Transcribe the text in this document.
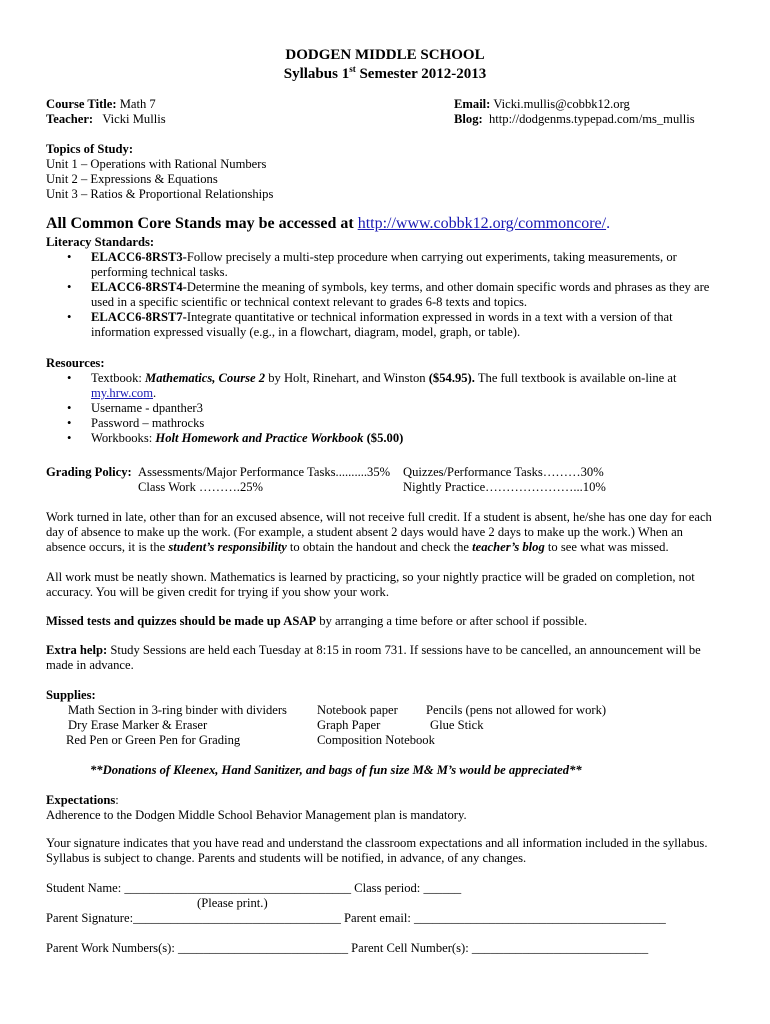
DODGEN MIDDLE SCHOOL
Syllabus 1st Semester 2012-2013
Course Title: Math 7
Teacher: Vicki Mullis
Email: Vicki.mullis@cobbk12.org
Blog: http://dodgenms.typepad.com/ms_mullis
Topics of Study:
Unit 1 – Operations with Rational Numbers
Unit 2 – Expressions & Equations
Unit 3 – Ratios & Proportional Relationships
All Common Core Stands may be accessed at http://www.cobbk12.org/commoncore/.
Literacy Standards:
• ELACC6-8RST3-Follow precisely a multi-step procedure when carrying out experiments, taking measurements, or
performing technical tasks.
• ELACC6-8RST4-Determine the meaning of symbols, key terms, and other domain specific words and phrases as they are
used in a specific scientific or technical context relevant to grades 6-8 texts and topics.
• ELACC6-8RST7-Integrate quantitative or technical information expressed in words in a text with a version of that
information expressed visually (e.g., in a flowchart, diagram, model, graph, or table).
Resources:
• Textbook: Mathematics, Course 2 by Holt, Rinehart, and Winston ($54.95). The full textbook is available on-line at
my.hrw.com.
• Username - dpanther3
• Password – mathrocks
• Workbooks: Holt Homework and Practice Workbook ($5.00)
Grading Policy: Assessments/Major Performance Tasks..........35% Quizzes/Performance Tasks………30%
Class Work ……….25%	Nightly Practice…………………...10%
Work turned in late, other than for an excused absence, will not receive full credit. If a student is absent, he/she has one day for each
day of absence to make up the work. (For example, a student absent 2 days would have 2 days to make up the work.) When an
absence occurs, it is the student’s responsibility to obtain the handout and check the teacher’s blog to see what was missed.
All work must be neatly shown. Mathematics is learned by practicing, so your nightly practice will be graded on completion, not
accuracy. You will be given credit for trying if you show your work.
Missed tests and quizzes should be made up ASAP by arranging a time before or after school if possible.
Extra help: Study Sessions are held each Tuesday at 8:15 in room 731. If sessions have to be cancelled, an announcement will be
made in advance.
Supplies:
Math Section in 3-ring binder with dividers
Dry Erase Marker & Eraser
Red Pen or Green Pen for Grading
Notebook paper
Graph Paper
Composition Notebook
Pencils (pens not allowed for work)
Glue Stick
**Donations of Kleenex, Hand Sanitizer, and bags of fun size M& M’s would be appreciated**
Expectations:
Adherence to the Dodgen Middle School Behavior Management plan is mandatory.
Your signature indicates that you have read and understand the classroom expectations and all information included in the syllabus.
Syllabus is subject to change. Parents and students will be notified, in advance, of any changes.
Student Name: ____________________________________ Class period: ______
(Please print.)
Parent Signature:_________________________________ Parent email: ________________________________________
Parent Work Numbers(s): ___________________________ Parent Cell Number(s): ____________________________
